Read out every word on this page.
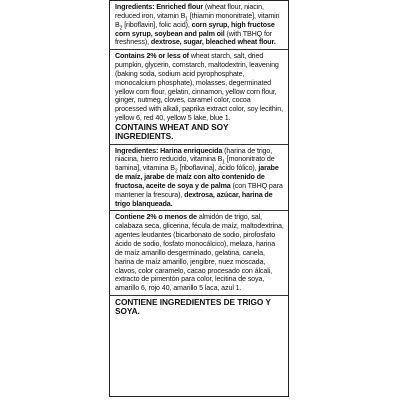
Ingredients: Enriched flour (wheat flour, niacin, reduced iron, vitamin $B_1$ [thiamin mononitrate], vitamin $B_2$ [riboflavin], folic acid), corn syrup, high fructose corn syrup, soybean and palm oil (with TBHQ for freshness), dextrose, sugar, bleached wheat flour.

Contains 2% or less of wheat starch, salt, dried pumpkin, glycerin, cornstarch, maltodextrin, leavening (baking soda, sodium acid pyrophosphate, monocalcium phosphate), molasses, degerminated yellow corn flour, gelatin, cinnamon, yellow corn flour, ginger, nutmeg, cloves, caramel color, cocoa processed with alkali, paprika extract color, soy lecithin, yellow 6, red 40, yellow 5 lake, blue 1.

CONTAINS WHEAT AND SOY INGREDIENTS.

Ingredientes: Harina enriquecida (harina de trigo, niacina, hierro reducido, vitamina $B_1$ [mononitrato de tiamina], vitamina $B_2$ [riboflavina], ácido fólico), jarabe de maíz, jarabe de maíz con alto contenido de fructosa, aceite de soya y de palma (con TBHQ para mantener la frescura), dextrosa, azúcar, harina de trigo blanqueada.

Contiene 2% o menos de almidón de trigo, sal, calabaza seca, glicerina, fécula de maíz, maltodextrina, agentes leudantes (bicarbonato de sodio, pirofosfato ácido de sodio, fosfato monocálcico), melaza, harina de maíz amarillo desgerminado, gelatina, canela, harina de maíz amarillo, jengibre, nuez moscada, clavos, color caramelo, cacao procesado con álcali, extracto de pimentón para color, lecitina de soya, amarillo 6, rojo 40, amarillo 5 laca, azul 1.

CONTIENE INGREDIENTES DE TRIGO Y SOYA.
